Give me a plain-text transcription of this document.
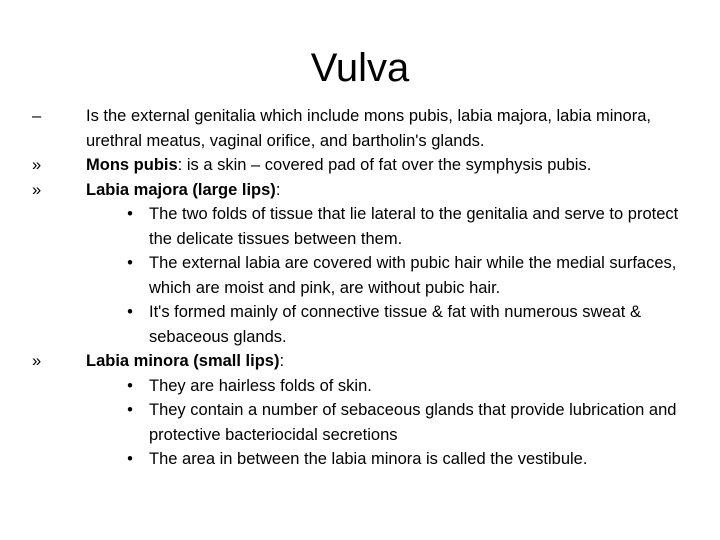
Vulva
–	Is the external genitalia which include mons pubis, labia majora, labia minora, urethral meatus, vaginal orifice, and bartholin's glands.
»	Mons pubis: is a skin – covered pad of fat over the symphysis pubis.
»	Labia majora (large lips):
• The two folds of tissue that lie lateral to the genitalia and serve to protect the delicate tissues between them.
• The external labia are covered with pubic hair while the medial surfaces, which are moist and pink, are without pubic hair.
• It's formed mainly of connective tissue & fat with numerous sweat & sebaceous glands.
»	Labia minora (small lips):
• They are hairless folds of skin.
• They contain a number of sebaceous glands that provide lubrication and protective bacteriocidal secretions
• The area in between the labia minora is called the vestibule.
